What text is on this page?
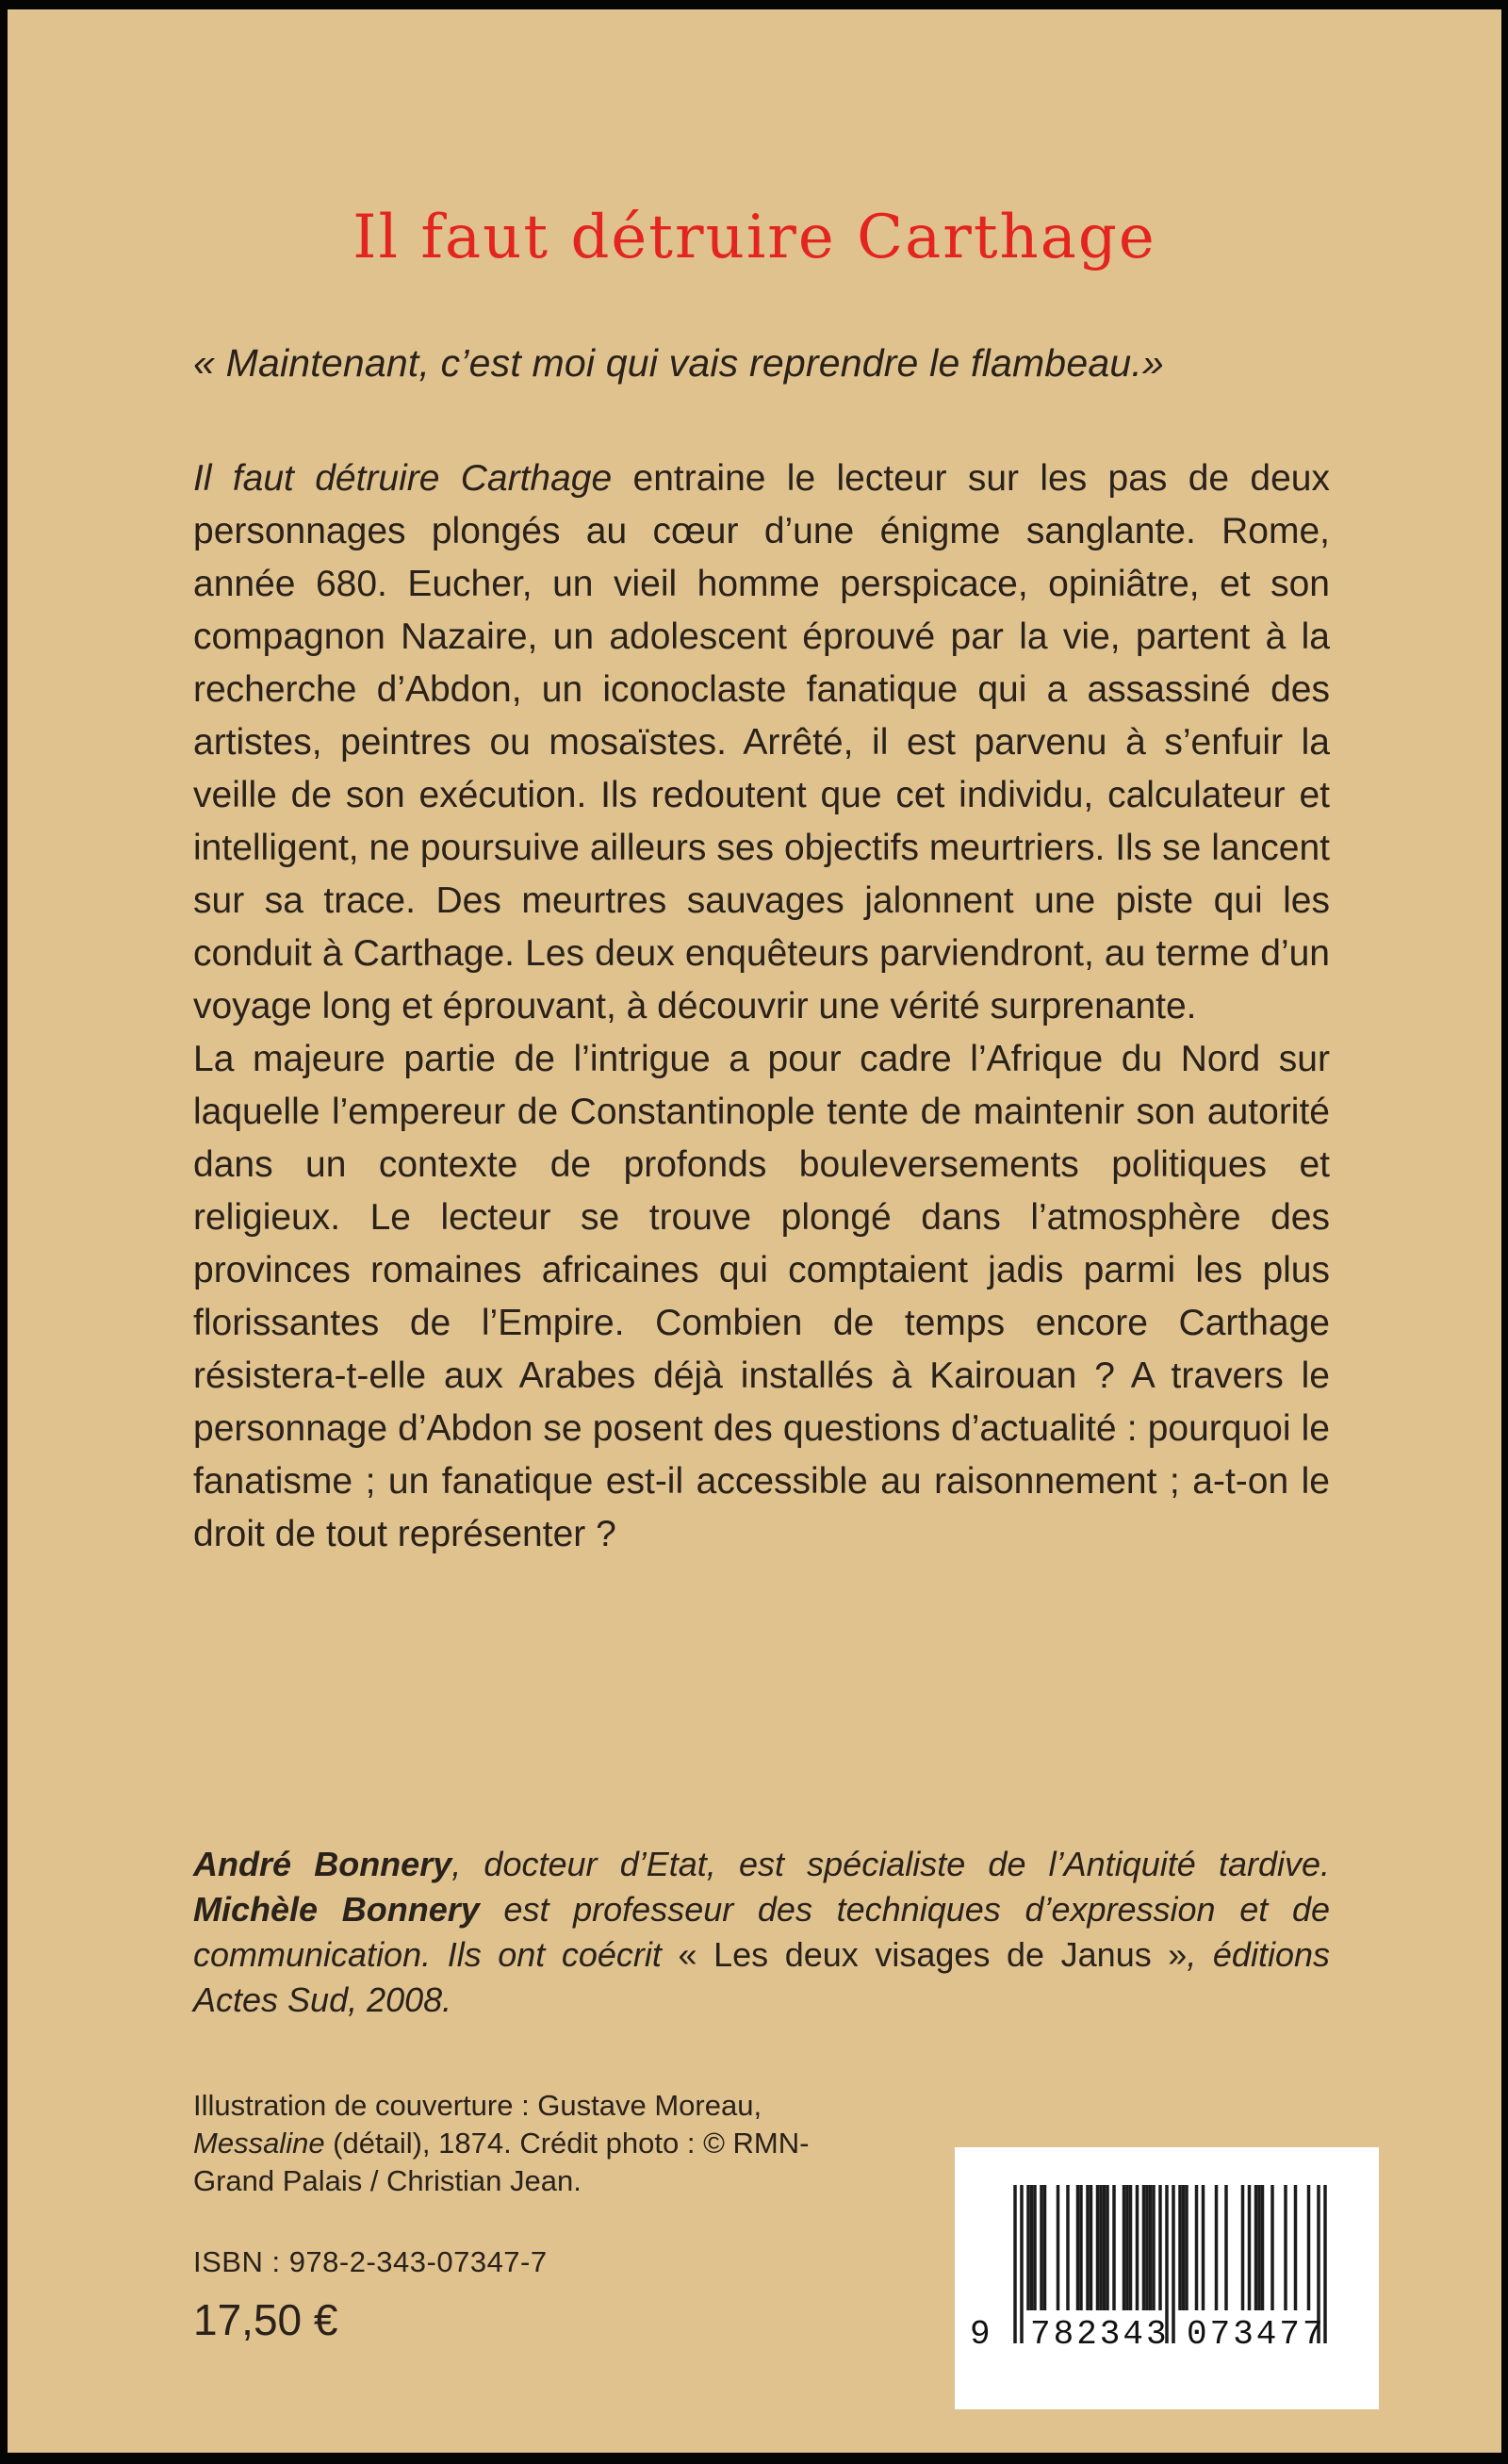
Il faut détruire Carthage

« Maintenant, c’est moi qui vais reprendre le flambeau.»

Il faut détruire Carthage entraine le lecteur sur les pas de deux personnages plongés au cœur d’une énigme sanglante. Rome, année 680. Eucher, un vieil homme perspicace, opiniâtre, et son compagnon Nazaire, un adolescent éprouvé par la vie, partent à la recherche d’Abdon, un iconoclaste fanatique qui a assassiné des artistes, peintres ou mosaïstes. Arrêté, il est parvenu à s’enfuir la veille de son exécution. Ils redoutent que cet individu, calculateur et intelligent, ne poursuive ailleurs ses objectifs meurtriers. Ils se lancent sur sa trace. Des meurtres sauvages jalonnent une piste qui les conduit à Carthage. Les deux enquêteurs parviendront, au terme d’un voyage long et éprouvant, à découvrir une vérité surprenante.

La majeure partie de l’intrigue a pour cadre l’Afrique du Nord sur laquelle l’empereur de Constantinople tente de maintenir son autorité dans un contexte de profonds bouleversements politiques et religieux. Le lecteur se trouve plongé dans l’atmosphère des provinces romaines africaines qui comptaient jadis parmi les plus florissantes de l’Empire. Combien de temps encore Carthage résistera-t-elle aux Arabes déjà installés à Kairouan ? A travers le personnage d’Abdon se posent des questions d’actualité : pourquoi le fanatisme ; un fanatique est-il accessible au raisonnement ; a-t-on le droit de tout représenter ?

André Bonnery, docteur d’Etat, est spécialiste de l’Antiquité tardive. Michèle Bonnery est professeur des techniques d’expression et de communication. Ils ont coécrit « Les deux visages de Janus », éditions Actes Sud, 2008.

Illustration de couverture : Gustave Moreau, Messaline (détail), 1874. Crédit photo : © RMN-Grand Palais / Christian Jean.

ISBN : 978-2-343-07347-7

17,50 €	9 782343 073477
